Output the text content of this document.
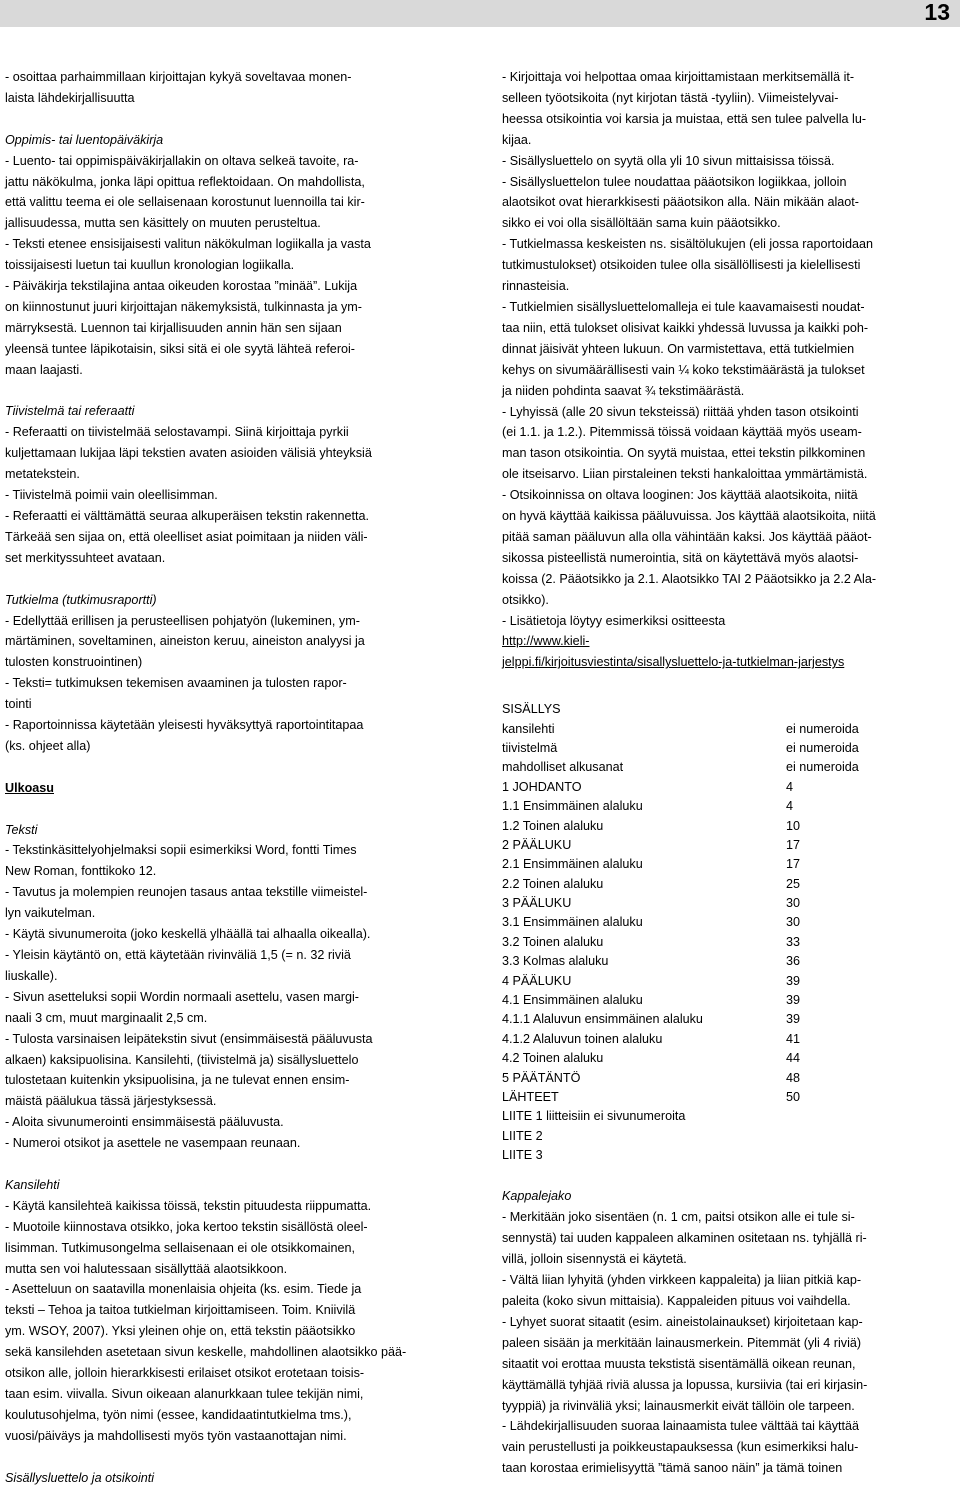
13
- osoittaa parhaimmillaan kirjoittajan kykyä soveltavaa monen-
laista lähdekirjallisuutta
Oppimis- tai luentopäiväkirja
- Luento- tai oppimispäiväkirjallakin on oltava selkeä tavoite, ra-
jattu näkökulma, jonka läpi opittua reflektoidaan. On mahdollista,
että valittu teema ei ole sellaisenaan korostunut luennoilla tai kir-
jallisuudessa, mutta sen käsittely on muuten perusteltua.
- Teksti etenee ensisijaisesti valitun näkökulman logiikalla ja vasta
toissijaisesti luetun tai kuullun kronologian logiikalla.
- Päiväkirja tekstilajina antaa oikeuden korostaa ”minää”. Lukija
on kiinnostunut juuri kirjoittajan näkemyksistä, tulkinnasta ja ym-
märryksestä. Luennon tai kirjallisuuden annin hän sen sijaan
yleensä tuntee läpikotaisin, siksi sitä ei ole syytä lähteä referoi-
maan laajasti.
Tiivistelmä tai referaatti
- Referaatti on tiivistelmää selostavampi. Siinä kirjoittaja pyrkii
kuljettamaan lukijaa läpi tekstien avaten asioiden välisiä yhteyksiä
metatekstein.
- Tiivistelmä poimii vain oleellisimman.
- Referaatti ei välttämättä seuraa alkuperäisen tekstin rakennetta.
Tärkeää sen sijaa on, että oleelliset asiat poimitaan ja niiden väli-
set merkityssuhteet avataan.
Tutkielma (tutkimusraportti)
- Edellyttää erillisen ja perusteellisen pohjatyön (lukeminen, ym-
märtäminen, soveltaminen, aineiston keruu, aineiston analyysi ja
tulosten konstruointinen)
- Teksti= tutkimuksen tekemisen avaaminen ja tulosten rapor-
tointi
- Raportoinnissa käytetään yleisesti hyväksyttyä raportointitapaa
(ks. ohjeet alla)
Ulkoasu
Teksti
- Tekstinkäsittelyohjelmaksi sopii esimerkiksi Word, fontti Times
New Roman, fonttikoko 12.
- Tavutus ja molempien reunojen tasaus antaa tekstille viimeistel-
lyn vaikutelman.
- Käytä sivunumeroita (joko keskellä ylhäällä tai alhaalla oikealla).
- Yleisin käytäntö on, että käytetään rivinväliä 1,5 (= n. 32 riviä
liuskalle).
- Sivun asetteluksi sopii Wordin normaali asettelu, vasen margi-
naali 3 cm, muut marginaalit 2,5 cm.
- Tulosta varsinaisen leipätekstin sivut (ensimmäisestä pääluvusta
alkaen) kaksipuolisina. Kansilehti, (tiivistelmä ja) sisällysluettelo
tulostetaan kuitenkin yksipuolisina, ja ne tulevat ennen ensim-
mäistä päälukua tässä järjestyksessä.
- Aloita sivunumerointi ensimmäisestä pääluvusta.
- Numeroi otsikot ja asettele ne vasempaan reunaan.
Kansilehti
- Käytä kansilehteä kaikissa töissä, tekstin pituudesta riippumatta.
- Muotoile kiinnostava otsikko, joka kertoo tekstin sisällöstä oleel-
lisimman. Tutkimusongelma sellaisenaan ei ole otsikkomainen,
mutta sen voi halutessaan sisällyttää alaotsikkoon.
- Asetteluun on saatavilla monenlaisia ohjeita (ks. esim. Tiede ja
teksti – Tehoa ja taitoa tutkielman kirjoittamiseen. Toim. Kniivilä
ym. WSOY, 2007). Yksi yleinen ohje on, että tekstin pääotsikko
sekä kansilehden asetetaan sivun keskelle, mahdollinen alaotsikko pää-
otsikon alle, jolloin hierarkkisesti erilaiset otsikot erotetaan toisis-
taan esim. viivalla. Sivun oikeaan alanurkkaan tulee tekijän nimi,
koulutusohjelma, työn nimi (essee, kandidaatintutkielma tms.),
vuosi/päiväys ja mahdollisesti myös työn vastaanottajan nimi.
Sisällysluettelo ja otsikointi
- Kirjoittaja voi helpottaa omaa kirjoittamistaan merkitsemällä it-
selleen työotsikoita (nyt kirjotan tästä -tyyliin). Viimeistelyvai-
heessa otsikointia voi karsia ja muistaa, että sen tulee palvella lu-
kijaa.
- Sisällysluettelo on syytä olla yli 10 sivun mittaisissa töissä.
- Sisällysluettelon tulee noudattaa pääotsikon logiikkaa, jolloin
alaotsikot ovat hierarkkisesti pääotsikon alla. Näin mikään alaot-
sikko ei voi olla sisällöltään sama kuin pääotsikko.
- Tutkielmassa keskeisten ns. sisältölukujen (eli jossa raportoidaan
tutkimustulokset) otsikoiden tulee olla sisällöllisesti ja kielellisesti
rinnasteisia.
- Tutkielmien sisällysluettelomalleja ei tule kaavamaisesti noudat-
taa niin, että tulokset olisivat kaikki yhdessä luvussa ja kaikki poh-
dinnat jäisivät yhteen lukuun. On varmistettava, että tutkielmien
kehys on sivumäärällisesti vain ¼ koko tekstimäärästä ja tulokset
ja niiden pohdinta saavat ¾ tekstimäärästä.
- Lyhyissä (alle 20 sivun teksteissä) riittää yhden tason otsikointi
(ei 1.1. ja 1.2.). Pitemmissä töissä voidaan käyttää myös useam-
man tason otsikointia. On syytä muistaa, ettei tekstin pilkkominen
ole itseisarvo. Liian pirstaleinen teksti hankaloittaa ymmärtämistä.
- Otsikoinnissa on oltava looginen: Jos käyttää alaotsikoita, niitä
on hyvä käyttää kaikissa pääluvuissa. Jos käyttää alaotsikoita, niitä
pitää saman pääluvun alla olla vähintään kaksi. Jos käyttää pääot-
sikossa pisteellistä numerointia, sitä on käytettävä myös alaotsi-
koissa (2. Pääotsikko ja 2.1. Alaotsikko TAI 2 Pääotsikko ja 2.2 Ala-
otsikko).
- Lisätietoja löytyy esimerkiksi ositteesta
http://www.kieli-
jelppi.fi/kirjoitusviestinta/sisallysluettelo-ja-tutkielman-jarjestys
SISÄLLYS
kansilehti	ei numeroida
tiivistelmä	ei numeroida
mahdolliset alkusanat	ei numeroida
1 JOHDANTO	4
1.1 Ensimmäinen alaluku	4
1.2 Toinen alaluku	10
2 PÄÄLUKU	17
2.1 Ensimmäinen alaluku	17
2.2 Toinen alaluku	25
3 PÄÄLUKU	30
3.1 Ensimmäinen alaluku	30
3.2 Toinen alaluku	33
3.3 Kolmas alaluku	36
4 PÄÄLUKU	39
4.1 Ensimmäinen alaluku	39
4.1.1 Alaluvun ensimmäinen alaluku	39
4.1.2 Alaluvun toinen alaluku	41
4.2 Toinen alaluku	44
5 PÄÄTÄNTÖ	48
LÄHTEET	50
LIITE 1 liitteisiin ei sivunumeroita
LIITE 2
LIITE 3
Kappalejako
- Merkitään joko sisentäen (n. 1 cm, paitsi otsikon alle ei tule si-
sennystä) tai uuden kappaleen alkaminen ositetaan ns. tyhjällä ri-
villä, jolloin sisennystä ei käytetä.
- Vältä liian lyhyitä (yhden virkkeen kappaleita) ja liian pitkiä kap-
paleita (koko sivun mittaisia). Kappaleiden pituus voi vaihdella.
- Lyhyet suorat sitaatit (esim. aineistolainaukset) kirjoitetaan kap-
paleen sisään ja merkitään lainausmerkein. Pitemmät (yli 4 riviä)
sitaatit voi erottaa muusta tekstistä sisentämällä oikean reunan,
käyttämällä tyhjää riviä alussa ja lopussa, kursiivia (tai eri kirjasin-
tyyppiä) ja rivinväliä yksi; lainausmerkit eivät tällöin ole tarpeen.
- Lähdekirjallisuuden suoraa lainaamista tulee välttää tai käyttää
vain perustellusti ja poikkeustapauksessa (kun esimerkiksi halu-
taan korostaa erimielisyyttä ”tämä sanoo näin” ja tämä toinen
